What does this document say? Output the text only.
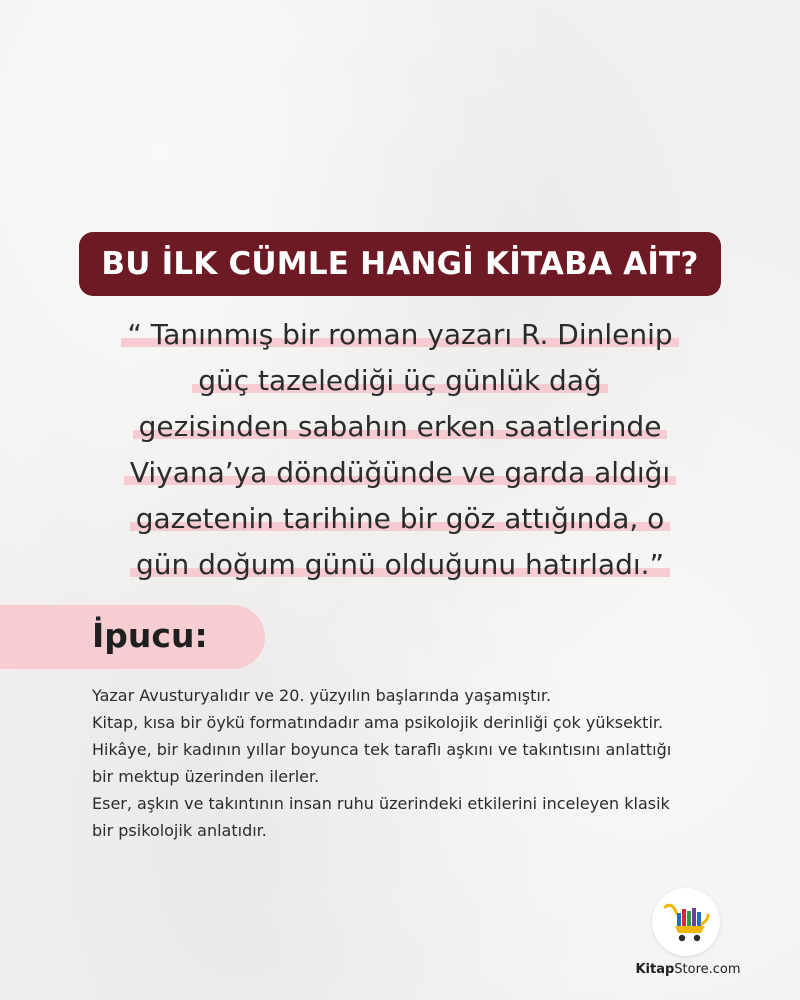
BU İLK CÜMLE HANGİ KİTABA AİT?
“ Tanınmış bir roman yazarı R. Dinlenip
güç tazelediği üç günlük dağ
gezisinden sabahın erken saatlerinde
Viyana’ya döndüğünde ve garda aldığı
gazetenin tarihine bir göz attığında, o
gün doğum günü olduğunu hatırladı.”
İpucu:
Yazar Avusturyalıdır ve 20. yüzyılın başlarında yaşamıştır.
Kitap, kısa bir öykü formatındadır ama psikolojik derinliği çok yüksektir.
Hikâye, bir kadının yıllar boyunca tek taraflı aşkını ve takıntısını anlattığı
bir mektup üzerinden ilerler.
Eser, aşkın ve takıntının insan ruhu üzerindeki etkilerini inceleyen klasik
bir psikolojik anlatıdır.
KitapStore.com
